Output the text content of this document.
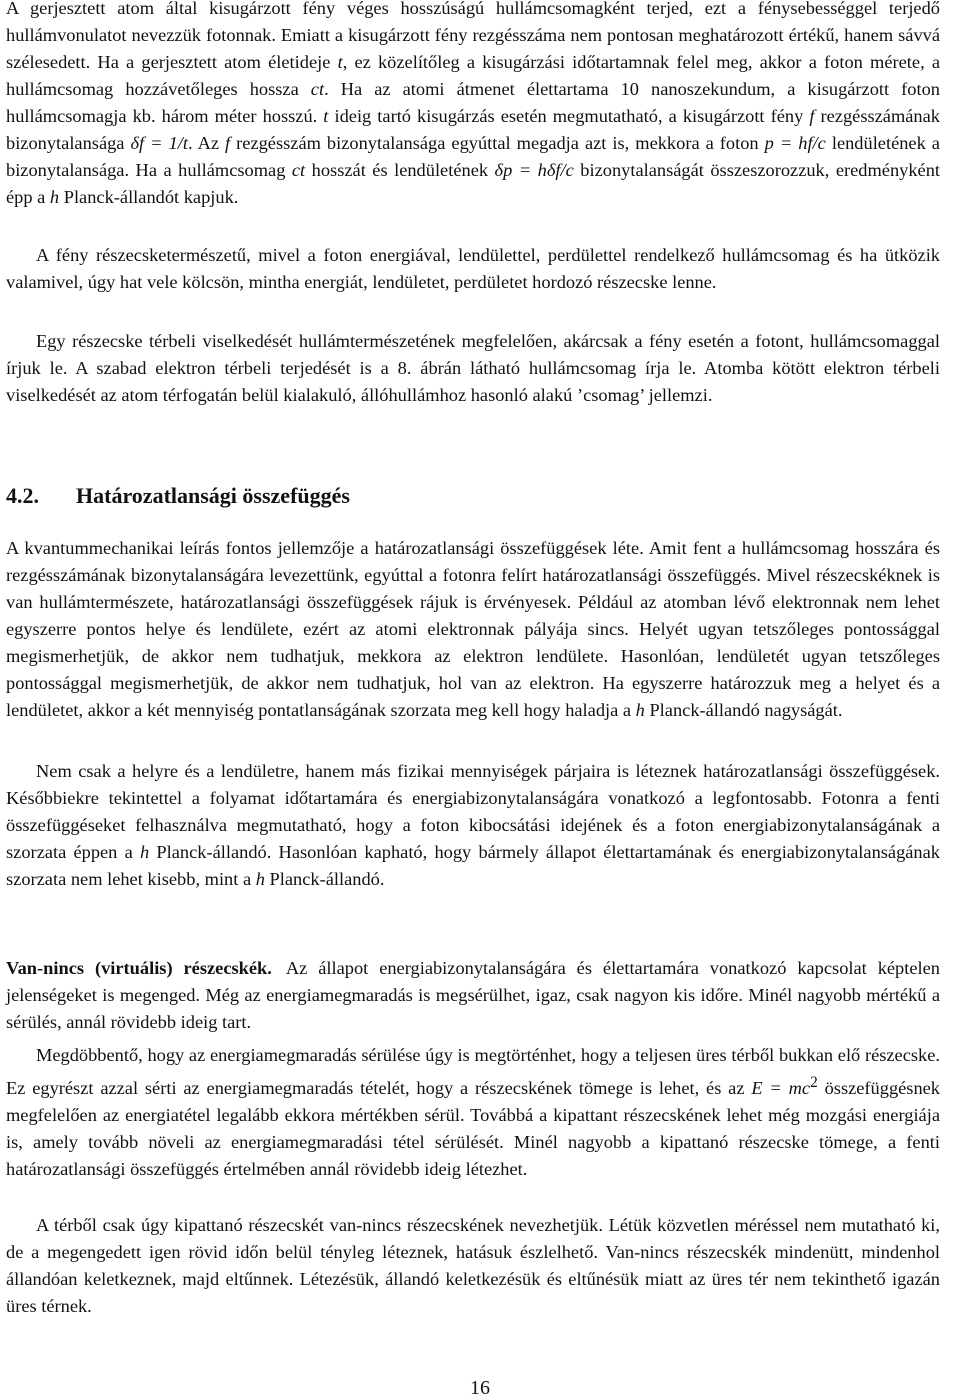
A gerjesztett atom által kisugárzott fény véges hosszúságú hullámcsomagként terjed, ezt a fénysebességgel terjedő hullámvonulatot nevezzük fotonnak. Emiatt a kisugárzott fény rezgésszáma nem pontosan meghatározott értékű, hanem sávvá szélesedett. Ha a gerjesztett atom életideje t, ez közelítőleg a kisugárzási időtartamnak felel meg, akkor a foton mérete, a hullámcsomag hozzávetőleges hossza ct. Ha az atomi átmenet élettartama 10 nanoszekundum, a kisugárzott foton hullámcsomagja kb. három méter hosszú. t ideig tartó kisugárzás esetén megmutatható, a kisugárzott fény f rezgésszámának bizonytalansága δf = 1/t. Az f rezgésszám bizonytalansága egyúttal megadja azt is, mekkora a foton p = hf/c lendületének a bizonytalansága. Ha a hullámcsomag ct hosszát és lendületének δp = hδf/c bizonytalanságát összeszorozzuk, eredményként épp a h Planck-állandót kapjuk.

A fény részecsketermészetű, mivel a foton energiával, lendülettel, perdülettel rendelkező hullámcsomag és ha ütközik valamivel, úgy hat vele kölcsön, mintha energiát, lendületet, perdületet hordozó részecske lenne.

Egy részecske térbeli viselkedését hullámtermészetének megfelelően, akárcsak a fény esetén a fotont, hullámcsomaggal írjuk le. A szabad elektron térbeli terjedését is a 8. ábrán látható hullámcsomag írja le. Atomba kötött elektron térbeli viselkedését az atom térfogatán belül kialakuló, állóhullámhoz hasonló alakú ’csomag’ jellemzi.

4.2. Határozatlansági összefüggés

A kvantummechanikai leírás fontos jellemzője a határozatlansági összefüggések léte. Amit fent a hullámcsomag hosszára és rezgésszámának bizonytalanságára levezettünk, egyúttal a fotonra felírt határozatlansági összefüggés. Mivel részecskéknek is van hullámtermészete, határozatlansági összefüggések rájuk is érvényesek. Például az atomban lévő elektronnak nem lehet egyszerre pontos helye és lendülete, ezért az atomi elektronnak pályája sincs. Helyét ugyan tetszőleges pontossággal megismerhetjük, de akkor nem tudhatjuk, mekkora az elektron lendülete. Hasonlóan, lendületét ugyan tetszőleges pontossággal megismerhetjük, de akkor nem tudhatjuk, hol van az elektron. Ha egyszerre határozzuk meg a helyet és a lendületet, akkor a két mennyiség pontatlanságának szorzata meg kell hogy haladja a h Planck-állandó nagyságát.

Nem csak a helyre és a lendületre, hanem más fizikai mennyiségek párjaira is léteznek határozatlansági összefüggések. Későbbiekre tekintettel a folyamat időtartamára és energiabizonytalanságára vonatkozó a legfontosabb. Fotonra a fenti összefüggéseket felhasználva megmutatható, hogy a foton kibocsátási idejének és a foton energiabizonytalanságának a szorzata éppen a h Planck-állandó. Hasonlóan kapható, hogy bármely állapot élettartamának és energiabizonytalanságának szorzata nem lehet kisebb, mint a h Planck-állandó.

Van-nincs (virtuális) részecskék. Az állapot energiabizonytalanságára és élettartamára vonatkozó kapcsolat képtelen jelenségeket is megenged. Még az energiamegmaradás is megsérülhet, igaz, csak nagyon kis időre. Minél nagyobb mértékű a sérülés, annál rövidebb ideig tart.

Megdöbbentő, hogy az energiamegmaradás sérülése úgy is megtörténhet, hogy a teljesen üres térből bukkan elő részecske. Ez egyrészt azzal sérti az energiamegmaradás tételét, hogy a részecskének tömege is lehet, és az $E = mc^2$ összefüggésnek megfelelően az energiatétel legalább ekkora mértékben sérül. Továbbá a kipattant részecskének lehet még mozgási energiája is, amely tovább növeli az energiamegmaradási tétel sérülését. Minél nagyobb a kipattanó részecske tömege, a fenti határozatlansági összefüggés értelmében annál rövidebb ideig létezhet.

A térből csak úgy kipattanó részecskét van-nincs részecskének nevezhetjük. Létük közvetlen méréssel nem mutatható ki, de a megengedett igen rövid időn belül tényleg léteznek, hatásuk észlelhető. Van-nincs részecskék mindenütt, mindenhol állandóan keletkeznek, majd eltűnnek. Létezésük, állandó keletkezésük és eltűnésük miatt az üres tér nem tekinthető igazán üres térnek.

16
